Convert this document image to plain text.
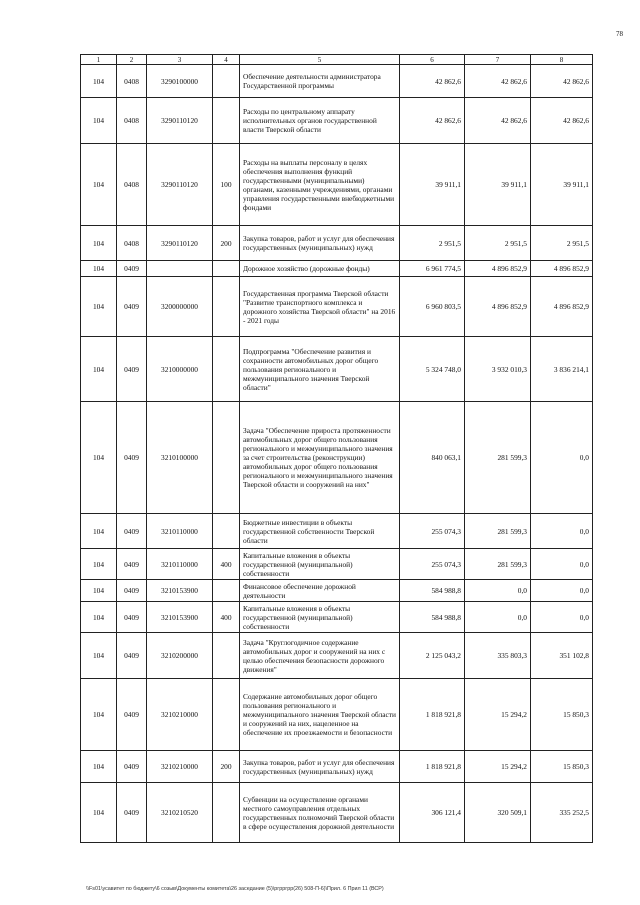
78
1	2	3	4	5	6	7	8
104	0408	3290100000		Обеспечение деятельности администратора Государственной программы	42 862,6	42 862,6	42 862,6
104	0408	3290110120		Расходы по центральному аппарату исполнительных органов государственной власти Тверской области	42 862,6	42 862,6	42 862,6
104	0408	3290110120	100	Расходы на выплаты персоналу в целях обеспечения выполнения функций государственными (муниципальными) органами, казенными учреждениями, органами управления государственными внебюджетными фондами	39 911,1	39 911,1	39 911,1
104	0408	3290110120	200	Закупка товаров, работ и услуг для обеспечения государственных (муниципальных) нужд	2 951,5	2 951,5	2 951,5
104	0409			Дорожное хозяйство (дорожные фонды)	6 961 774,5	4 896 852,9	4 896 852,9
104	0409	3200000000		Государственная программа Тверской области "Развитие транспортного комплекса и дорожного хозяйства Тверской области" на 2016 - 2021 годы	6 960 803,5	4 896 852,9	4 896 852,9
104	0409	3210000000		Подпрограмма "Обеспечение развития и сохранности автомобильных дорог общего пользования регионального и межмуниципального значения Тверской области"	5 324 748,0	3 932 010,3	3 836 214,1
104	0409	3210100000		Задача "Обеспечение прироста протяженности автомобильных дорог общего пользования регионального и межмуниципального значения за счет строительства (реконструкции) автомобильных дорог общего пользования регионального и межмуниципального значения Тверской области и сооружений на них"	840 063,1	281 599,3	0,0
104	0409	3210110000		Бюджетные инвестиции в объекты государственной собственности Тверской области	255 074,3	281 599,3	0,0
104	0409	3210110000	400	Капитальные вложения в объекты государственной (муниципальной) собственности	255 074,3	281 599,3	0,0
104	0409	3210153900		Финансовое обеспечение дорожной деятельности	584 988,8	0,0	0,0
104	0409	3210153900	400	Капитальные вложения в объекты государственной (муниципальной) собственности	584 988,8	0,0	0,0
104	0409	3210200000		Задача "Круглогодичное содержание автомобильных дорог и сооружений на них с целью обеспечения безопасности дорожного движения"	2 125 043,2	335 803,3	351 102,8
104	0409	3210210000		Содержание автомобильных дорог общего пользования регионального и межмуниципального значения Тверской области и сооружений на них, нацеленное на обеспечение их проезжаемости и безопасности	1 818 921,8	15 294,2	15 850,3
104	0409	3210210000	200	Закупка товаров, работ и услуг для обеспечения государственных (муниципальных) нужд	1 818 921,8	15 294,2	15 850,3
104	0409	3210210520		Субвенции на осуществление органами местного самоуправления отдельных государственных полномочий Тверской области в сфере осуществления дорожной деятельности	306 121,4	320 509,1	335 252,5
\\Fs01\усавитет по бюджету\6 созыв\Документы комитета\26 заседание (5)\ргрргрр(26) 508-П-6)\Прил. 6 Прил 11 (ВСР)
